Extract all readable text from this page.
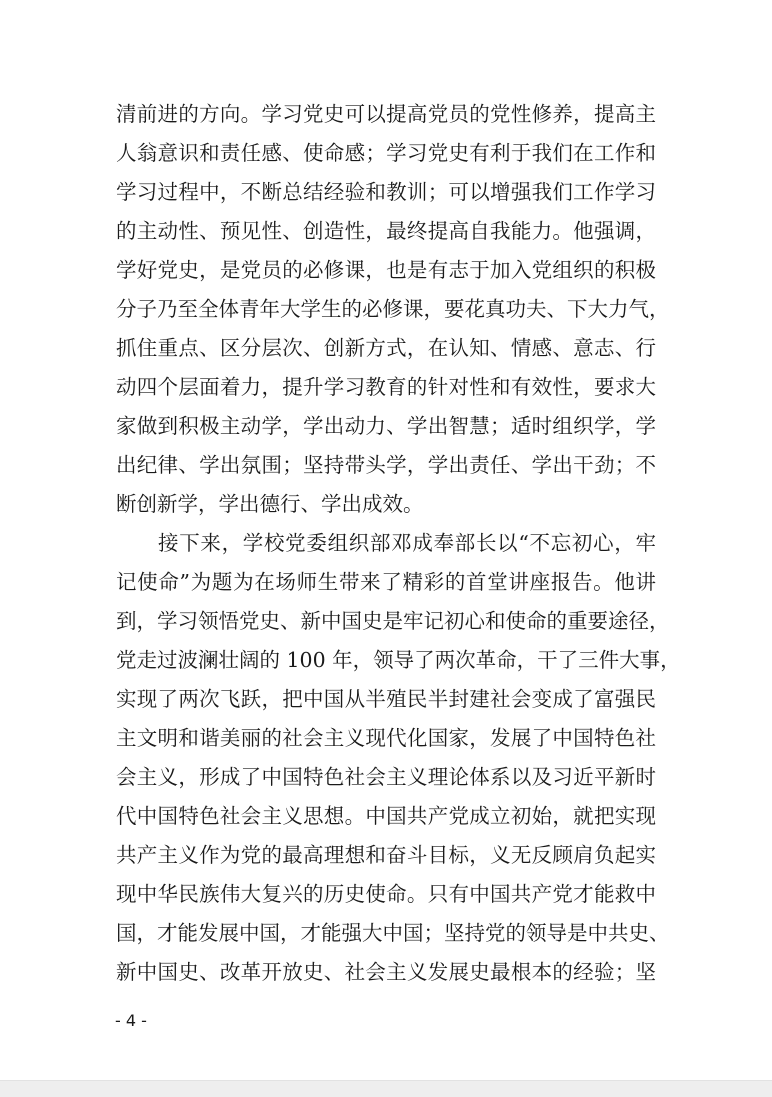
清前进的方向。学习党史可以提高党员的党性修养，提高主
人翁意识和责任感、使命感；学习党史有利于我们在工作和
学习过程中，不断总结经验和教训；可以增强我们工作学习
的主动性、预见性、创造性，最终提高自我能力。他强调，
学好党史，是党员的必修课，也是有志于加入党组织的积极
分子乃至全体青年大学生的必修课，要花真功夫、下大力气，
抓住重点、区分层次、创新方式，在认知、情感、意志、行
动四个层面着力，提升学习教育的针对性和有效性，要求大
家做到积极主动学，学出动力、学出智慧；适时组织学，学
出纪律、学出氛围；坚持带头学，学出责任、学出干劲；不
断创新学，学出德行、学出成效。
接下来，学校党委组织部邓成奉部长以“不忘初心，牢
记使命”为题为在场师生带来了精彩的首堂讲座报告。他讲
到，学习领悟党史、新中国史是牢记初心和使命的重要途径，
党走过波澜壮阔的 100 年，领导了两次革命，干了三件大事，
实现了两次飞跃，把中国从半殖民半封建社会变成了富强民
主文明和谐美丽的社会主义现代化国家，发展了中国特色社
会主义，形成了中国特色社会主义理论体系以及习近平新时
代中国特色社会主义思想。中国共产党成立初始，就把实现
共产主义作为党的最高理想和奋斗目标，义无反顾肩负起实
现中华民族伟大复兴的历史使命。只有中国共产党才能救中
国，才能发展中国，才能强大中国；坚持党的领导是中共史、
新中国史、改革开放史、社会主义发展史最根本的经验；坚
- 4 -
